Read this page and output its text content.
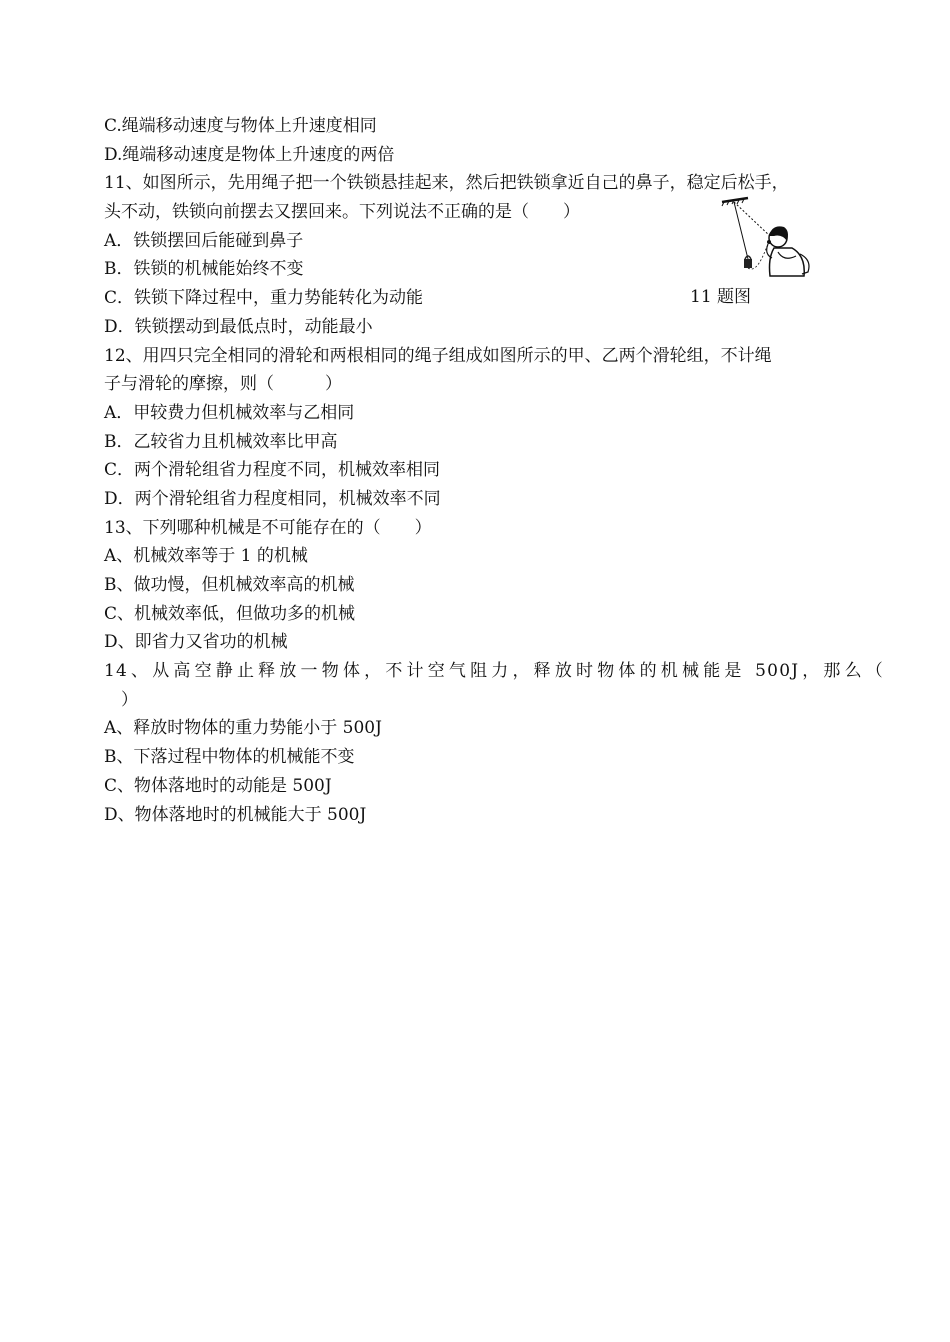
C.绳端移动速度与物体上升速度相同
D.绳端移动速度是物体上升速度的两倍
11、如图所示，先用绳子把一个铁锁悬挂起来，然后把铁锁拿近自己的鼻子，稳定后松手，
头不动，铁锁向前摆去又摆回来。下列说法不正确的是（　　）
A．铁锁摆回后能碰到鼻子
B．铁锁的机械能始终不变
C．铁锁下降过程中，重力势能转化为动能
D．铁锁摆动到最低点时，动能最小
12、用四只完全相同的滑轮和两根相同的绳子组成如图所示的甲、乙两个滑轮组，不计绳
子与滑轮的摩擦，则（　　　）
A．甲较费力但机械效率与乙相同
B．乙较省力且机械效率比甲高
C．两个滑轮组省力程度不同，机械效率相同
D．两个滑轮组省力程度相同，机械效率不同
13、下列哪种机械是不可能存在的（　　）
A、机械效率等于 1 的机械
B、做功慢，但机械效率高的机械
C、机械效率低，但做功多的机械
D、即省力又省功的机械
14、从高空静止释放一物体，不计空气阻力，释放时物体的机械能是 500J，那么（
　）
A、释放时物体的重力势能小于 500J
B、下落过程中物体的机械能不变
C、物体落地时的动能是 500J
D、物体落地时的机械能大于 500J
11 题图
